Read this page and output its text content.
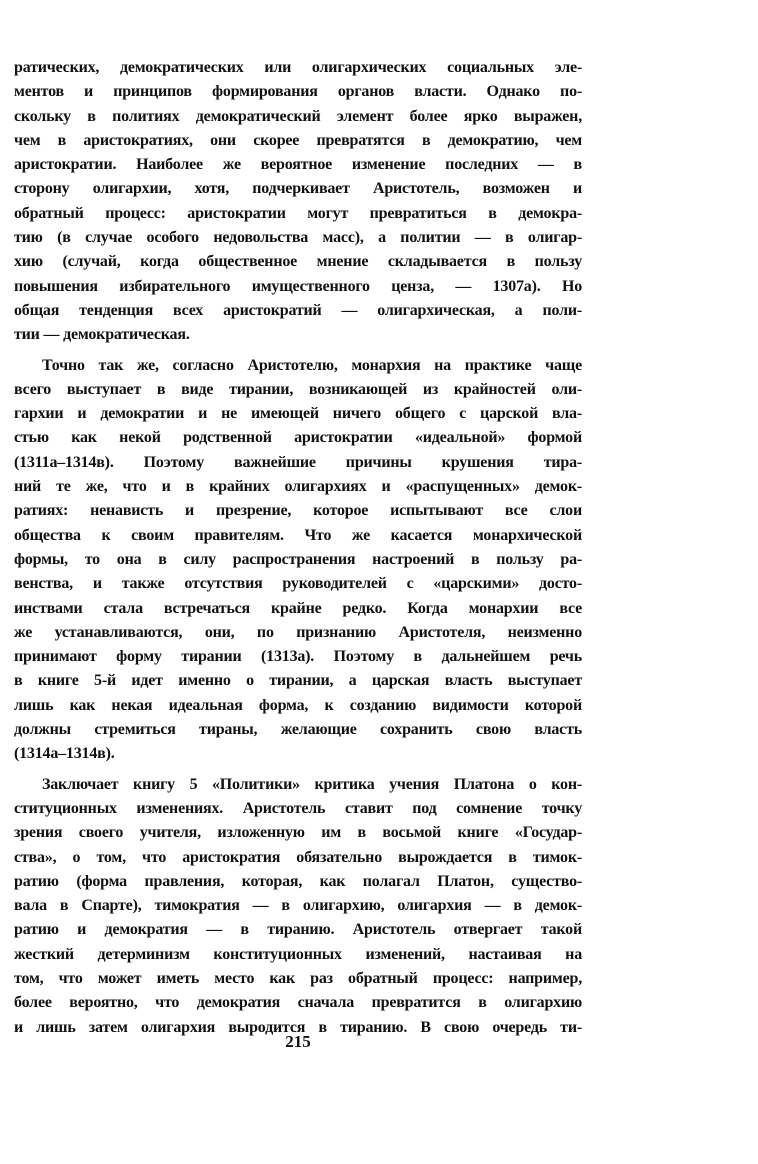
ратических, демократических или олигархических социальных эле-
ментов и принципов формирования органов власти. Однако по-
скольку в политиях демократический элемент более ярко выражен,
чем в аристократиях, они скорее превратятся в демократию, чем
аристократии. Наиболее же вероятное изменение последних — в
сторону олигархии, хотя, подчеркивает Аристотель, возможен и
обратный процесс: аристократии могут превратиться в демокра-
тию (в случае особого недовольства масс), а политии — в олигар-
хию (случай, когда общественное мнение складывается в пользу
повышения избирательного имущественного ценза, — 1307а). Но
общая тенденция всех аристократий — олигархическая, а поли-
тии — демократическая.
Точно так же, согласно Аристотелю, монархия на практике чаще
всего выступает в виде тирании, возникающей из крайностей оли-
гархии и демократии и не имеющей ничего общего с царской вла-
стью как некой родственной аристократии «идеальной» формой
(1311а–1314в). Поэтому важнейшие причины крушения тира-
ний те же, что и в крайних олигархиях и «распущенных» демок-
ратиях: ненависть и презрение, которое испытывают все слои
общества к своим правителям. Что же касается монархической
формы, то она в силу распространения настроений в пользу ра-
венства, и также отсутствия руководителей с «царскими» досто-
инствами стала встречаться крайне редко. Когда монархии все
же устанавливаются, они, по признанию Аристотеля, неизменно
принимают форму тирании (1313а). Поэтому в дальнейшем речь
в книге 5-й идет именно о тирании, а царская власть выступает
лишь как некая идеальная форма, к созданию видимости которой
должны стремиться тираны, желающие сохранить свою власть
(1314а–1314в).
Заключает книгу 5 «Политики» критика учения Платона о кон-
ституционных изменениях. Аристотель ставит под сомнение точку
зрения своего учителя, изложенную им в восьмой книге «Государ-
ства», о том, что аристократия обязательно вырождается в тимок-
ратию (форма правления, которая, как полагал Платон, существо-
вала в Спарте), тимократия — в олигархию, олигархия — в демок-
ратию и демократия — в тиранию. Аристотель отвергает такой
жесткий детерминизм конституционных изменений, настаивая на
том, что может иметь место как раз обратный процесс: например,
более вероятно, что демократия сначала превратится в олигархию
и лишь затем олигархия выродится в тиранию. В свою очередь ти-
215
